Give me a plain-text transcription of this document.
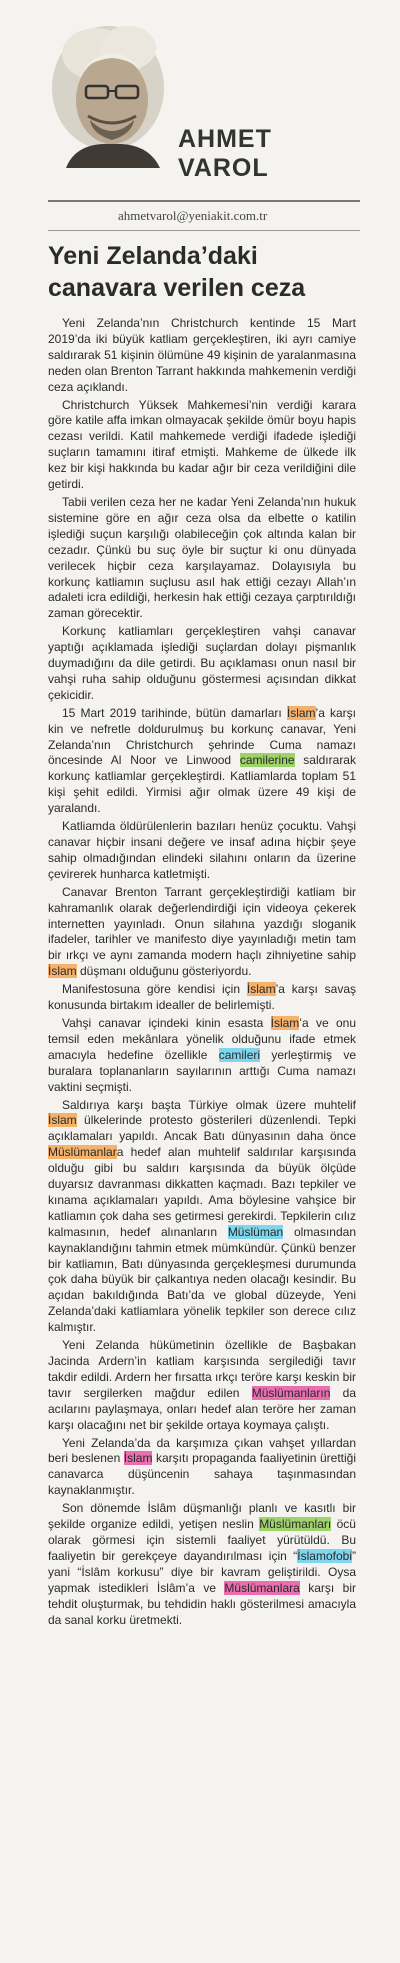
AHMET
VAROL
ahmetvarol@yeniakit.com.tr
Yeni Zelanda’daki canavara verilen ceza

Yeni Zelanda’nın Christchurch kentinde 15 Mart 2019’da iki büyük katliam gerçekleştiren, iki ayrı camiye saldırarak 51 kişinin ölümüne 49 kişinin de yaralanmasına neden olan Brenton Tarrant hakkında mahkemenin verdiği ceza açıklandı.

Christchurch Yüksek Mahkemesi’nin verdiği karara göre katile affa imkan olmayacak şekilde ömür boyu hapis cezası verildi. Katil mahkemede verdiği ifadede işlediği suçların tamamını itiraf etmişti. Mahkeme de ülkede ilk kez bir kişi hakkında bu kadar ağır bir ceza verildiğini dile getirdi.

Tabii verilen ceza her ne kadar Yeni Zelanda’nın hukuk sistemine göre en ağır ceza olsa da elbette o katilin işlediği suçun karşılığı olabileceğin çok altında kalan bir cezadır. Çünkü bu suç öyle bir suçtur ki onu dünyada verilecek hiçbir ceza karşılayamaz. Dolayısıyla bu korkunç katliamın suçlusu asıl hak ettiği cezayı Allah’ın adaleti icra edildiği, herkesin hak ettiği cezaya çarptırıldığı zaman görecektir.

Korkunç katliamları gerçekleştiren vahşi canavar yaptığı açıklamada işlediği suçlardan dolayı pişmanlık duymadığını da dile getirdi. Bu açıklaması onun nasıl bir vahşi ruha sahip olduğunu göstermesi açısından dikkat çekicidir.

15 Mart 2019 tarihinde, bütün damarları İslam’a karşı kin ve nefretle doldurulmuş bu korkunç canavar, Yeni Zelanda’nın Christchurch şehrinde Cuma namazı öncesinde Al Noor ve Linwood camilerine saldırarak korkunç katliamlar gerçekleştirdi. Katliamlarda toplam 51 kişi şehit edildi. Yirmisi ağır olmak üzere 49 kişi de yaralandı.

Katliamda öldürülenlerin bazıları henüz çocuktu. Vahşi canavar hiçbir insani değere ve insaf adına hiçbir şeye sahip olmadığından elindeki silahını onların da üzerine çevirerek hunharca katletmişti.

Canavar Brenton Tarrant gerçekleştirdiği katliam bir kahramanlık olarak değerlendirdiği için videoya çekerek internetten yayınladı. Onun silahına yazdığı sloganik ifadeler, tarihler ve manifesto diye yayınladığı metin tam bir ırkçı ve aynı zamanda modern haçlı zihniyetine sahip İslam düşmanı olduğunu gösteriyordu.

Manifestosuna göre kendisi için İslam’a karşı savaş konusunda birtakım idealler de belirlemişti.

Vahşi canavar içindeki kinin esasta İslam’a ve onu temsil eden mekânlara yönelik olduğunu ifade etmek amacıyla hedefine özellikle camileri yerleştirmiş ve buralara toplananların sayılarının arttığı Cuma namazı vaktini seçmişti.

Saldırıya karşı başta Türkiye olmak üzere muhtelif İslam ülkelerinde protesto gösterileri düzenlendi. Tepki açıklamaları yapıldı. Ancak Batı dünyasının daha önce Müslümanlara hedef alan muhtelif saldırılar karşısında olduğu gibi bu saldırı karşısında da büyük ölçüde duyarsız davranması dikkatten kaçmadı. Bazı tepkiler ve kınama açıklamaları yapıldı. Ama böylesine vahşice bir katliamın çok daha ses getirmesi gerekirdi. Tepkilerin cılız kalmasının, hedef alınanların Müslüman olmasından kaynaklandığını tahmin etmek mümkündür. Çünkü benzer bir katliamın, Batı dünyasında gerçekleşmesi durumunda çok daha büyük bir çalkantıya neden olacağı kesindir. Bu açıdan bakıldığında Batı’da ve global düzeyde, Yeni Zelanda’daki katliamlara yönelik tepkiler son derece cılız kalmıştır.

Yeni Zelanda hükümetinin özellikle de Başbakan Jacinda Ardern’in katliam karşısında sergilediği tavır takdir edildi. Ardern her fırsatta ırkçı teröre karşı keskin bir tavır sergilerken mağdur edilen Müslümanların da acılarını paylaşmaya, onları hedef alan teröre her zaman karşı olacağını net bir şekilde ortaya koymaya çalıştı.

Yeni Zelanda’da da karşımıza çıkan vahşet yıllardan beri beslenen İslam karşıtı propaganda faaliyetinin ürettiği canavarca düşüncenin sahaya taşınmasından kaynaklanmıştır.

Son dönemde İslâm düşmanlığı planlı ve kasıtlı bir şekilde organize edildi, yetişen neslin Müslümanları öcü olarak görmesi için sistemli faaliyet yürütüldü. Bu faaliyetin bir gerekçeye dayandırılması için “İslamofobi” yani “İslâm korkusu” diye bir kavram geliştirildi. Oysa yapmak istedikleri İslâm’a ve Müslümanlara karşı bir tehdit oluşturmak, bu tehdidin haklı gösterilmesi amacıyla da sanal korku üretmekti.
